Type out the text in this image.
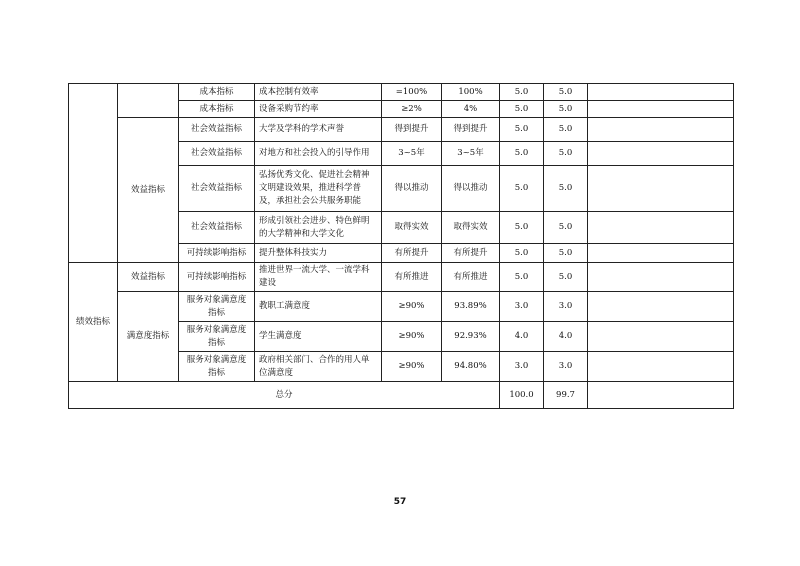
		成本指标	成本控制有效率	=100%	100%	5.0	5.0	
		成本指标	设备采购节约率	≥2%	4%	5.0	5.0	
	效益指标	社会效益指标	大学及学科的学术声誉	得到提升	得到提升	5.0	5.0	
		社会效益指标	对地方和社会投入的引导作用	3~5年	3~5年	5.0	5.0	
		社会效益指标	弘扬优秀文化、促进社会精神文明建设效果，推进科学普及，承担社会公共服务职能	得以推动	得以推动	5.0	5.0	
		社会效益指标	形成引领社会进步、特色鲜明的大学精神和大学文化	取得实效	取得实效	5.0	5.0	
		可持续影响指标	提升整体科技实力	有所提升	有所提升	5.0	5.0	
绩效指标	效益指标	可持续影响指标	推进世界一流大学、一流学科建设	有所推进	有所推进	5.0	5.0	
	满意度指标	服务对象满意度指标	教职工满意度	≥90%	93.89%	3.0	3.0	
		服务对象满意度指标	学生满意度	≥90%	92.93%	4.0	4.0	
		服务对象满意度指标	政府相关部门、合作的用人单位满意度	≥90%	94.80%	3.0	3.0	
总分						100.0	99.7	
57
